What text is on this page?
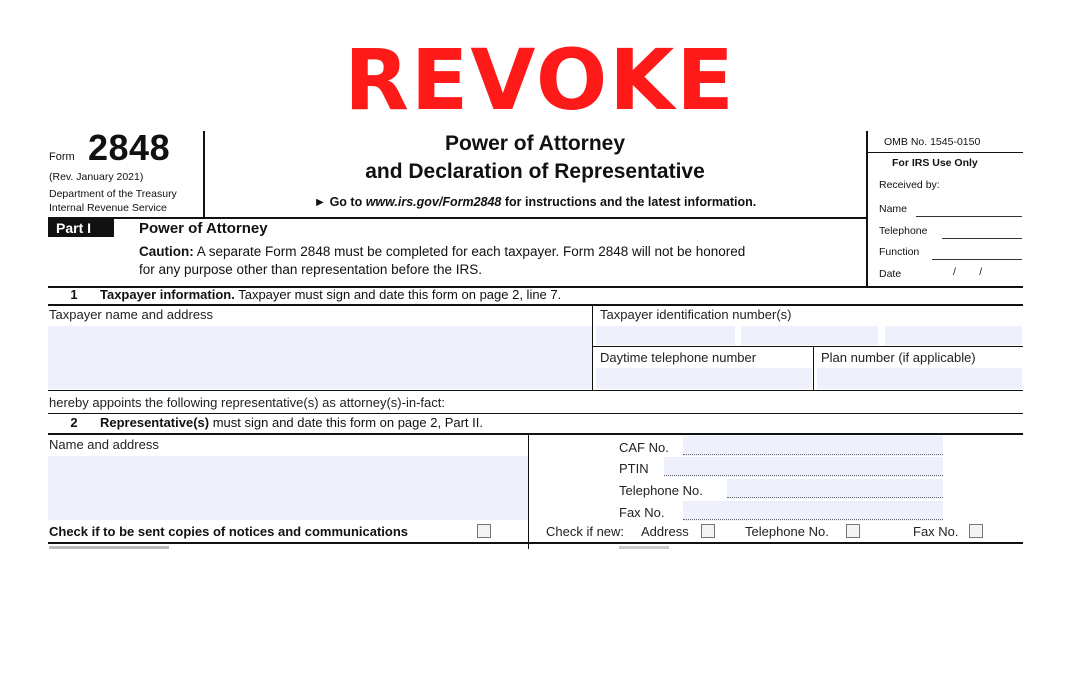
REVOKE
Form 2848
(Rev. January 2021)
Department of the Treasury
Internal Revenue Service
Power of Attorney
and Declaration of Representative
► Go to www.irs.gov/Form2848 for instructions and the latest information.
OMB No. 1545-0150
For IRS Use Only
Received by:
Name
Telephone
Function
Date	/        /
Part I	Power of Attorney
Caution: A separate Form 2848 must be completed for each taxpayer. Form 2848 will not be honored
for any purpose other than representation before the IRS.
1 Taxpayer information. Taxpayer must sign and date this form on page 2, line 7.
Taxpayer name and address	Taxpayer identification number(s)
Daytime telephone number	Plan number (if applicable)
hereby appoints the following representative(s) as attorney(s)-in-fact:
2 Representative(s) must sign and date this form on page 2, Part II.
Name and address	CAF No.
PTIN
Telephone No.
Fax No.
Check if to be sent copies of notices and communications	Check if new: Address	Telephone No.	Fax No.
